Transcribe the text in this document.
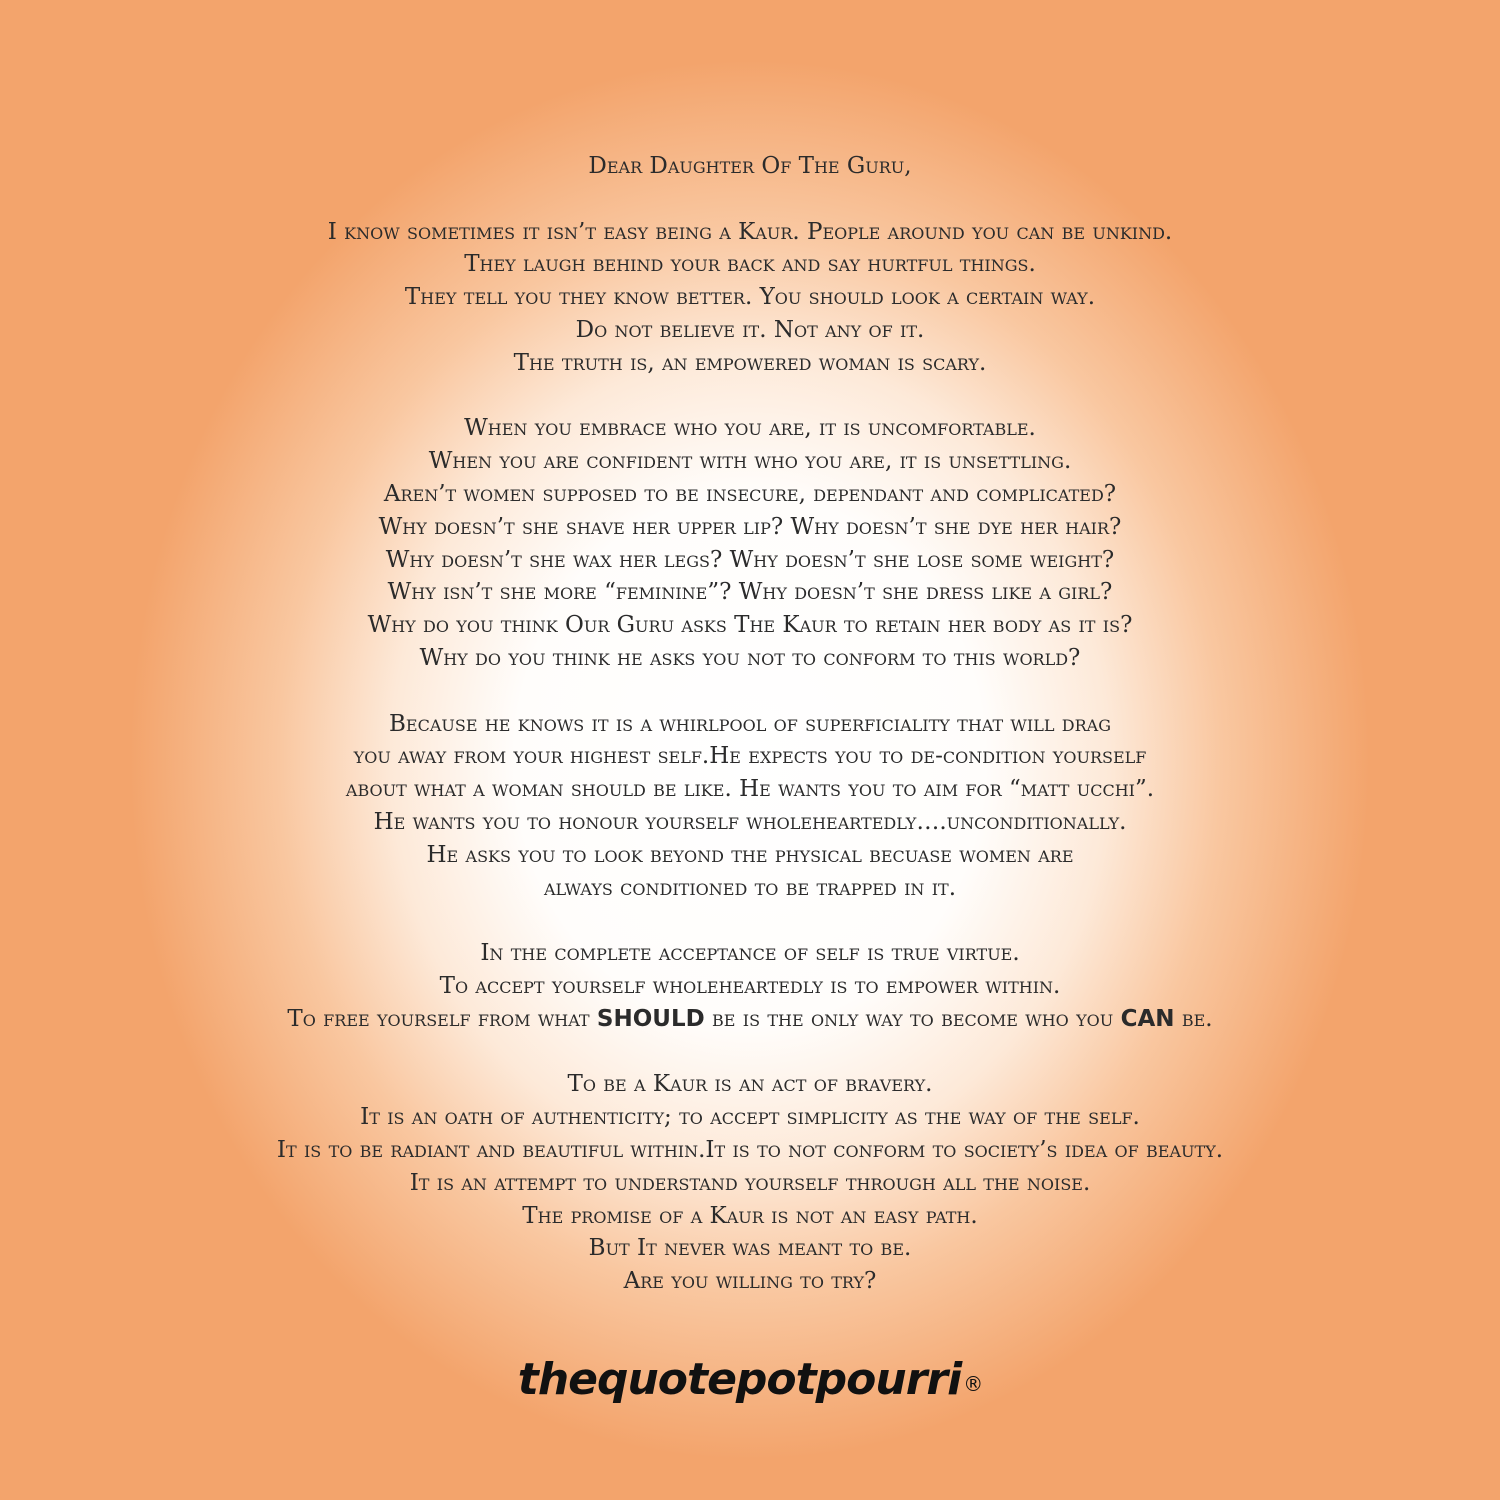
Dear Daughter Of The Guru,
I know sometimes it isn’t easy being a Kaur. People around you can be unkind.
They laugh behind your back and say hurtful things.
They tell you they know better. You should look a certain way.
Do not believe it. Not any of it.
The truth is, an empowered woman is scary.
When you embrace who you are, it is uncomfortable.
When you are confident with who you are, it is unsettling.
Aren’t women supposed to be insecure, dependant and complicated?
Why doesn’t she shave her upper lip? Why doesn’t she dye her hair?
Why doesn’t she wax her legs? Why doesn’t she lose some weight?
Why isn’t she more “feminine”? Why doesn’t she dress like a girl?
Why do you think Our Guru asks The Kaur to retain her body as it is?
Why do you think he asks you not to conform to this world?
Because he knows it is a whirlpool of superficiality that will drag
you away from your highest self.He expects you to de-condition yourself
about what a woman should be like. He wants you to aim for “matt ucchi”.
He wants you to honour yourself wholeheartedly….unconditionally.
He asks you to look beyond the physical becuase women are
always conditioned to be trapped in it.
In the complete acceptance of self is true virtue.
To accept yourself wholeheartedly is to empower within.
To free yourself from what SHOULD be is the only way to become who you CAN be.
To be a Kaur is an act of bravery.
It is an oath of authenticity; to accept simplicity as the way of the self.
It is to be radiant and beautiful within.It is to not conform to society’s idea of beauty.
It is an attempt to understand yourself through all the noise.
The promise of a Kaur is not an easy path.
But It never was meant to be.
Are you willing to try?
thequotepotpourri ®
